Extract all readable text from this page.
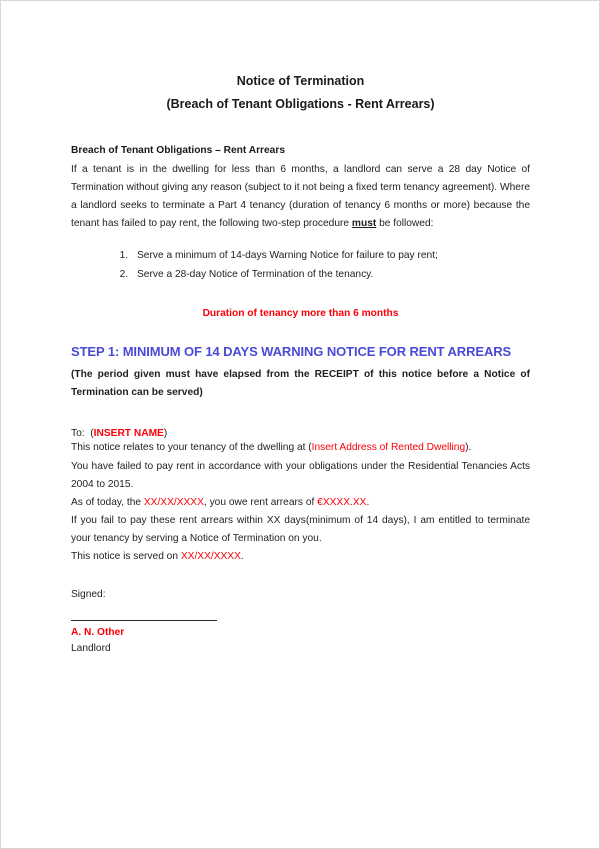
Notice of Termination
(Breach of Tenant Obligations - Rent Arrears)
Breach of Tenant Obligations – Rent Arrears

If a tenant is in the dwelling for less than 6 months, a landlord can serve a 28 day Notice of Termination without giving any reason (subject to it not being a fixed term tenancy agreement). Where a landlord seeks to terminate a Part 4 tenancy (duration of tenancy 6 months or more) because the tenant has failed to pay rent, the following two-step procedure must be followed:

1. Serve a minimum of 14-days Warning Notice for failure to pay rent;
2. Serve a 28-day Notice of Termination of the tenancy.
Duration of tenancy more than 6 months
STEP 1: MINIMUM OF 14 DAYS WARNING NOTICE FOR RENT ARREARS
(The period given must have elapsed from the RECEIPT of this notice before a Notice of Termination can be served)
To: (INSERT NAME)

This notice relates to your tenancy of the dwelling at (Insert Address of Rented Dwelling).

You have failed to pay rent in accordance with your obligations under the Residential Tenancies Acts 2004 to 2015.

As of today, the XX/XX/XXXX, you owe rent arrears of €XXXX.XX.

If you fail to pay these rent arrears within XX days(minimum of 14 days), I am entitled to terminate your tenancy by serving a Notice of Termination on you.

This notice is served on XX/XX/XXXX.

Signed:
A. N. Other
Landlord
